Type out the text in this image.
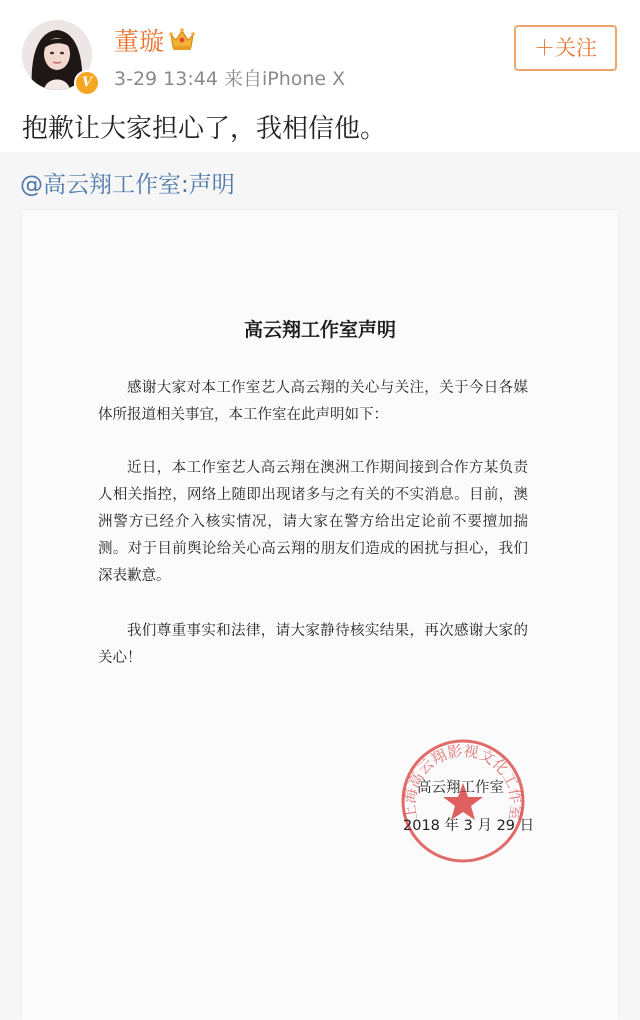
V
董璇
3-29 13:44 来自iPhone X
＋关注
抱歉让大家担心了，我相信他。
@高云翔工作室:声明
高云翔工作室声明
感谢大家对本工作室艺人高云翔的关心与关注，关于今日各媒体所报道相关事宜，本工作室在此声明如下：
近日，本工作室艺人高云翔在澳洲工作期间接到合作方某负责人相关指控，网络上随即出现诸多与之有关的不实消息。目前，澳洲警方已经介入核实情况，请大家在警方给出定论前不要擅加揣测。对于目前舆论给关心高云翔的朋友们造成的困扰与担心，我们深表歉意。
我们尊重事实和法律，请大家静待核实结果，再次感谢大家的关心！
上海高云翔影视文化工作室
高云翔工作室
2018 年 3 月 29 日
